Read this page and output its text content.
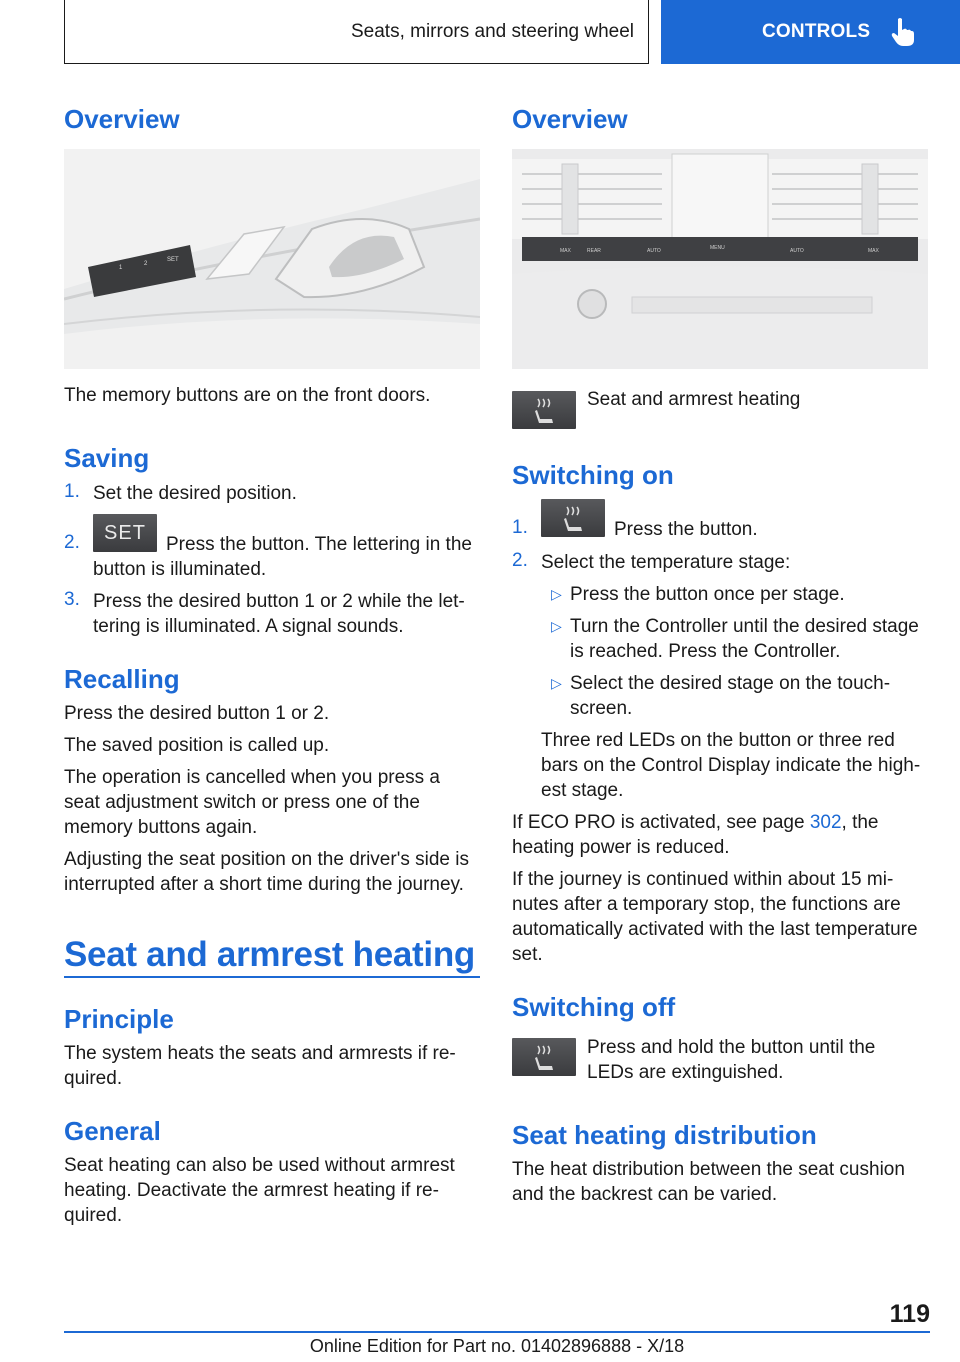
Seats, mirrors and steering wheel	CONTROLS
Overview
1
2
SET
The memory buttons are on the front doors.
Saving
1. Set the desired position.
2.	SET
Press the button. The lettering in the
button is illuminated.
3. Press the desired button 1 or 2 while the let-
tering is illuminated. A signal sounds.
Recalling
Press the desired button 1 or 2.
The saved position is called up.
The operation is cancelled when you press a
seat adjustment switch or press one of the
memory buttons again.
Adjusting the seat position on the driver's side is
interrupted after a short time during the journey.
Seat and armrest heating
Principle
The system heats the seats and armrests if re-
quired.
General
Seat heating can also be used without armrest
heating. Deactivate the armrest heating if re-
quired.
Overview
MAX	REAR	AUTO	MENU	AUTO	MAX
Seat and armrest heating
Switching on
1.	Press the button.
2. Select the temperature stage:
▷ Press the button once per stage.
▷ Turn the Controller until the desired stage
is reached. Press the Controller.
▷ Select the desired stage on the touch-
screen.
Three red LEDs on the button or three red
bars on the Control Display indicate the high-
est stage.
If ECO PRO is activated, see page 302, the
heating power is reduced.
If the journey is continued within about 15 mi-
nutes after a temporary stop, the functions are
automatically activated with the last temperature
set.
Switching off
Press and hold the button until the
LEDs are extinguished.
Seat heating distribution
The heat distribution between the seat cushion
and the backrest can be varied.
119
Online Edition for Part no. 01402896888 - X/18
